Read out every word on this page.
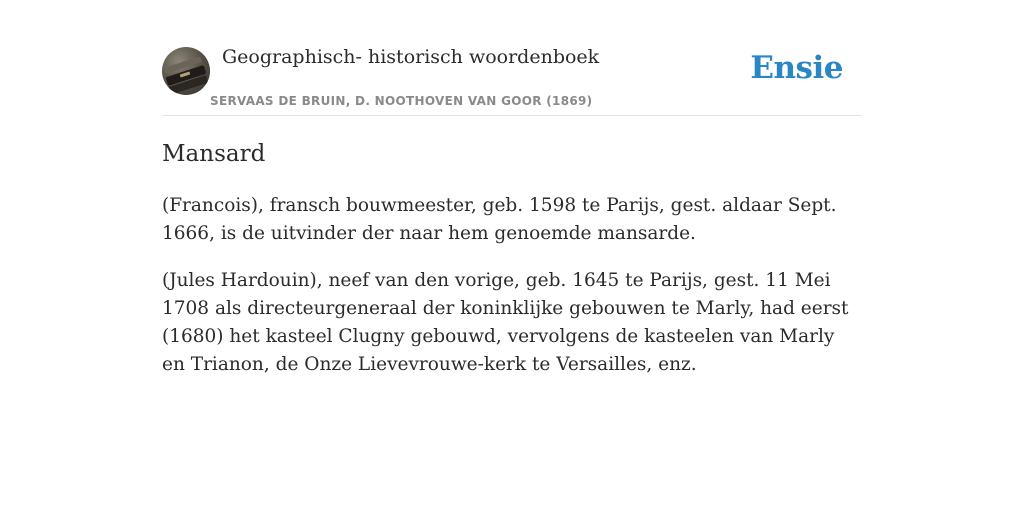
Geographisch- historisch woordenboek
SERVAAS DE BRUIN, D. NOOTHOVEN VAN GOOR (1869)
Ensie
Mansard

(Francois), fransch bouwmeester, geb. 1598 te Parijs, gest. aldaar Sept. 1666, is de uitvinder der naar hem genoemde mansarde.

(Jules Hardouin), neef van den vorige, geb. 1645 te Parijs, gest. 11 Mei 1708 als directeurgeneraal der koninklijke gebouwen te Marly, had eerst (1680) het kasteel Clugny gebouwd, vervolgens de kasteelen van Marly en Trianon, de Onze Lievevrouwe-kerk te Versailles, enz.
